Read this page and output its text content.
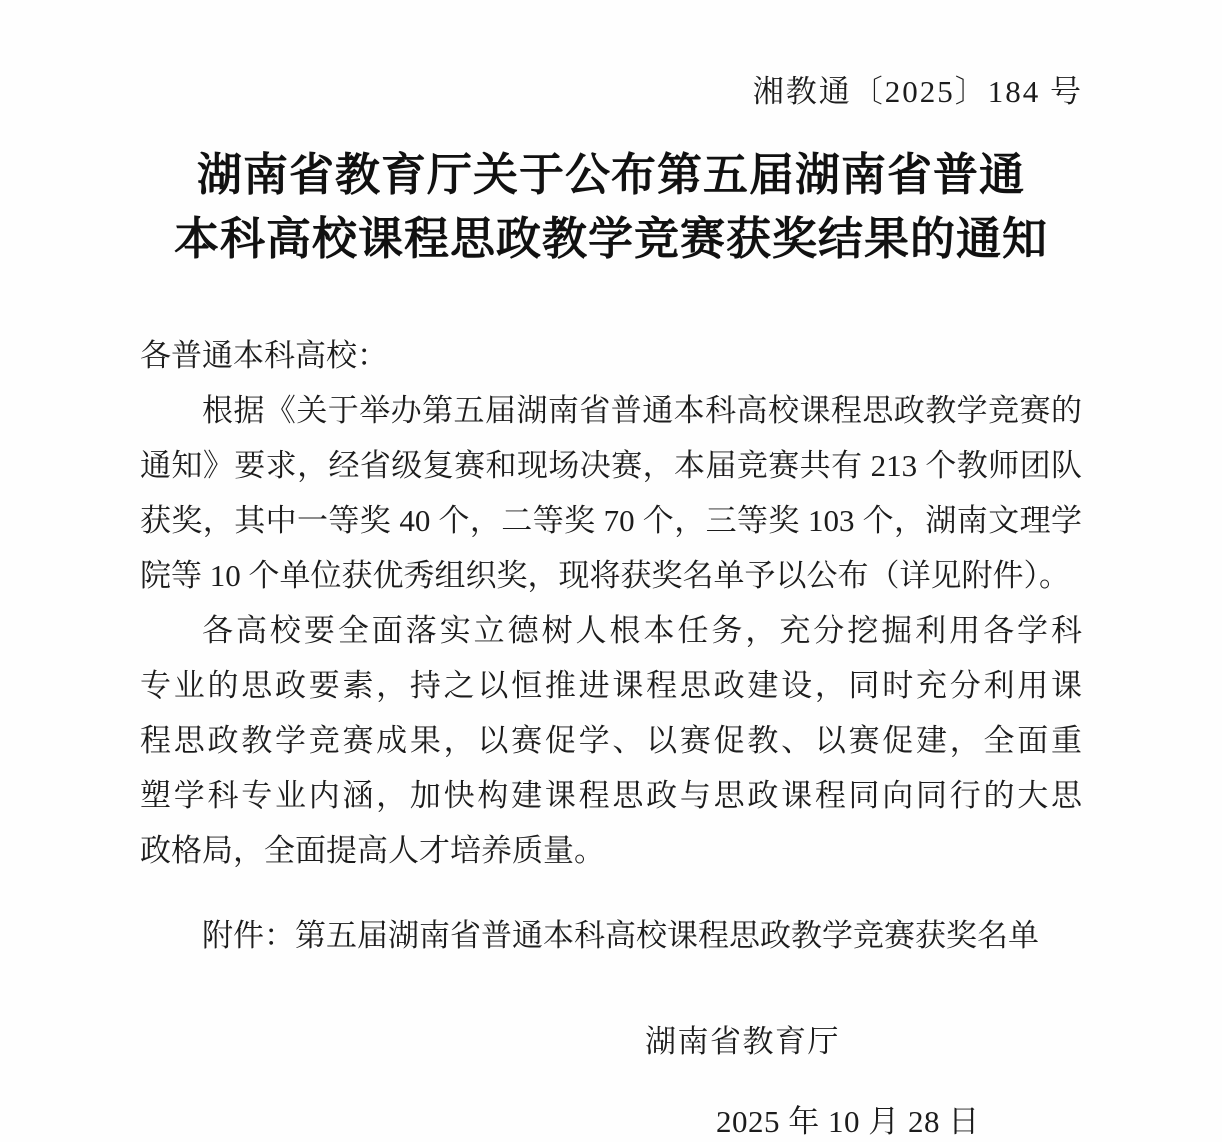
湘教通〔2025〕184 号
湖南省教育厅关于公布第五届湖南省普通
本科高校课程思政教学竞赛获奖结果的通知
各普通本科高校：
根据《关于举办第五届湖南省普通本科高校课程思政教学竞赛的
通知》要求，经省级复赛和现场决赛，本届竞赛共有 213 个教师团队
获奖，其中一等奖 40 个，二等奖 70 个，三等奖 103 个，湖南文理学
院等 10 个单位获优秀组织奖，现将获奖名单予以公布（详见附件）。
各高校要全面落实立德树人根本任务，充分挖掘利用各学科
专业的思政要素，持之以恒推进课程思政建设，同时充分利用课
程思政教学竞赛成果，以赛促学、以赛促教、以赛促建，全面重
塑学科专业内涵，加快构建课程思政与思政课程同向同行的大思
政格局，全面提高人才培养质量。
附件：第五届湖南省普通本科高校课程思政教学竞赛获奖名单
湖南省教育厅
2025 年 10 月 28 日
